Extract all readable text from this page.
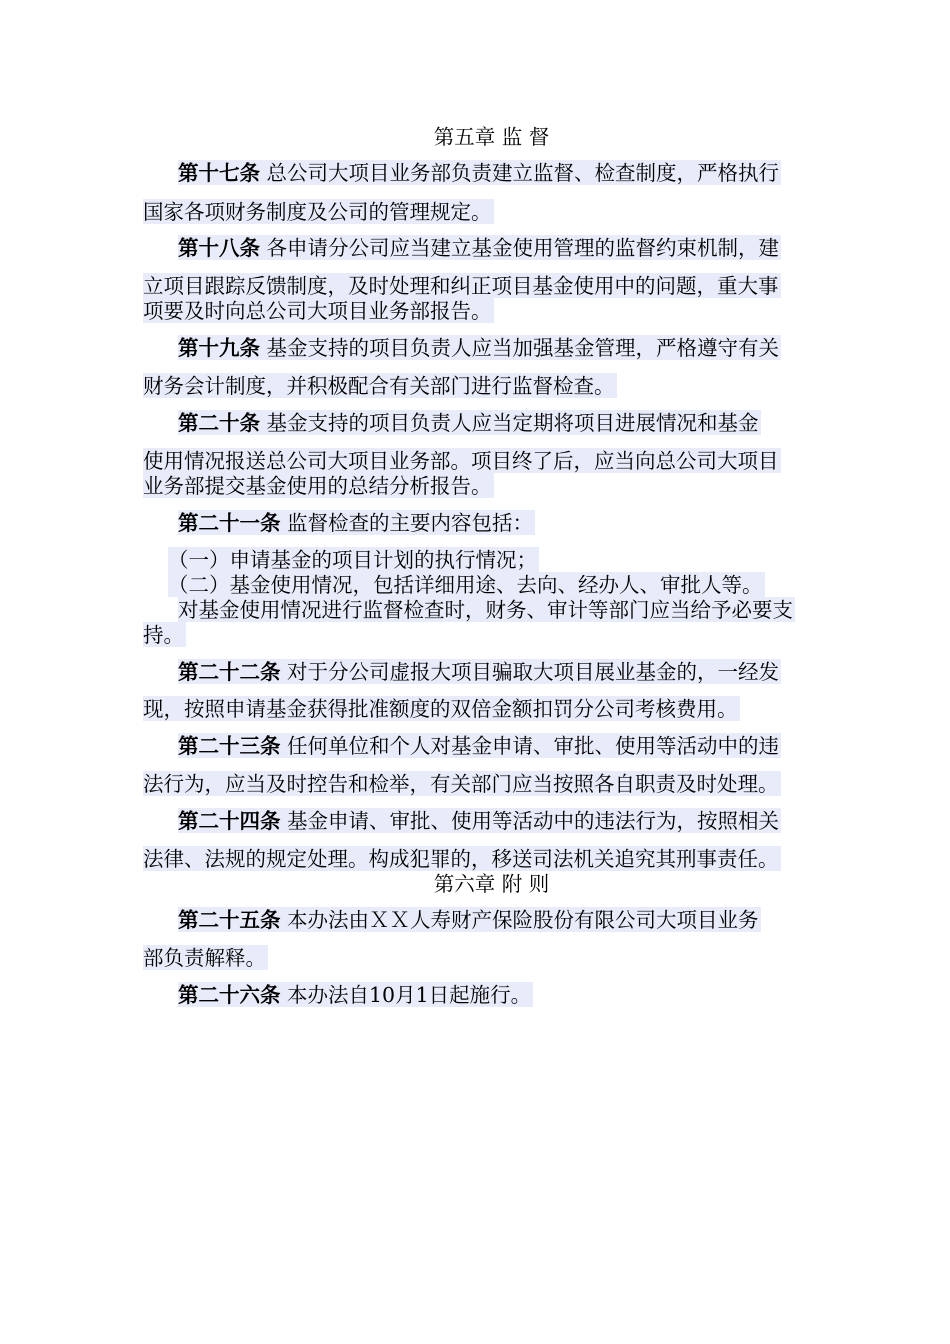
第五章 监 督
第十七条 总公司大项目业务部负责建立监督、检查制度，严格执行
国家各项财务制度及公司的管理规定。
第十八条 各申请分公司应当建立基金使用管理的监督约束机制，建
立项目跟踪反馈制度，及时处理和纠正项目基金使用中的问题，重大事
项要及时向总公司大项目业务部报告。
第十九条 基金支持的项目负责人应当加强基金管理，严格遵守有关
财务会计制度，并积极配合有关部门进行监督检查。
第二十条 基金支持的项目负责人应当定期将项目进展情况和基金
使用情况报送总公司大项目业务部。项目终了后，应当向总公司大项目
业务部提交基金使用的总结分析报告。
第二十一条 监督检查的主要内容包括：
（一）申请基金的项目计划的执行情况；
（二）基金使用情况，包括详细用途、去向、经办人、审批人等。
对基金使用情况进行监督检查时，财务、审计等部门应当给予必要支
持。
第二十二条 对于分公司虚报大项目骗取大项目展业基金的，一经发
现，按照申请基金获得批准额度的双倍金额扣罚分公司考核费用。
第二十三条 任何单位和个人对基金申请、审批、使用等活动中的违
法行为，应当及时控告和检举，有关部门应当按照各自职责及时处理。
第二十四条 基金申请、审批、使用等活动中的违法行为，按照相关
法律、法规的规定处理。构成犯罪的，移送司法机关追究其刑事责任。
第六章 附 则
第二十五条 本办法由ＸＸ人寿财产保险股份有限公司大项目业务
部负责解释。
第二十六条 本办法自10月1日起施行。
